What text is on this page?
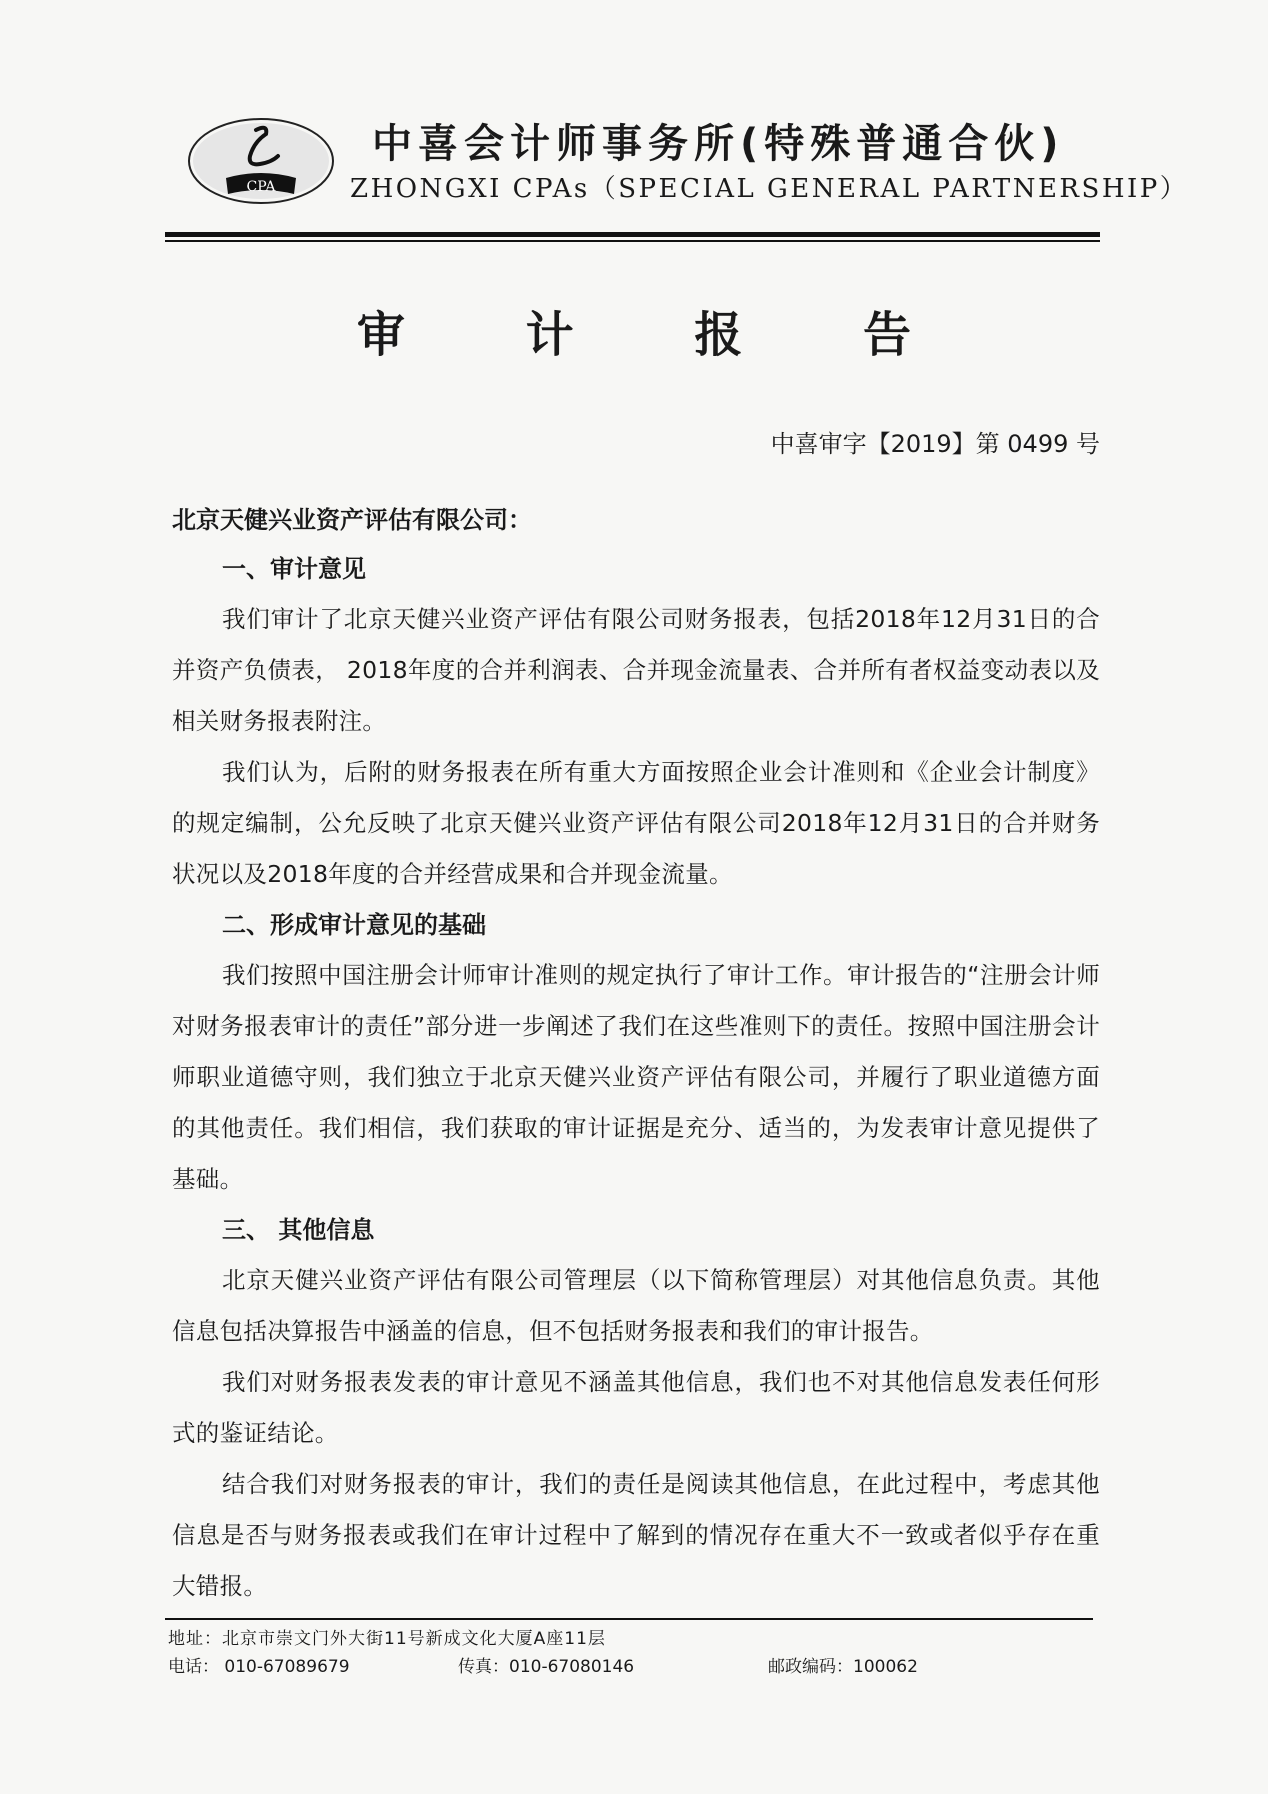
CPA
中喜会计师事务所(特殊普通合伙)
ZHONGXI CPAs（SPECIAL GENERAL PARTNERSHIP）
审 计 报 告
中喜审字【2019】第 0499 号

北京天健兴业资产评估有限公司：

一、审计意见

我们审计了北京天健兴业资产评估有限公司财务报表，包括2018年12月31日的合并资产负债表， 2018年度的合并利润表、合并现金流量表、合并所有者权益变动表以及相关财务报表附注。

我们认为，后附的财务报表在所有重大方面按照企业会计准则和《企业会计制度》的规定编制，公允反映了北京天健兴业资产评估有限公司2018年12月31日的合并财务状况以及2018年度的合并经营成果和合并现金流量。

二、形成审计意见的基础

我们按照中国注册会计师审计准则的规定执行了审计工作。审计报告的“注册会计师对财务报表审计的责任”部分进一步阐述了我们在这些准则下的责任。按照中国注册会计师职业道德守则，我们独立于北京天健兴业资产评估有限公司，并履行了职业道德方面的其他责任。我们相信，我们获取的审计证据是充分、适当的，为发表审计意见提供了基础。

三、 其他信息

北京天健兴业资产评估有限公司管理层（以下简称管理层）对其他信息负责。其他信息包括决算报告中涵盖的信息，但不包括财务报表和我们的审计报告。

我们对财务报表发表的审计意见不涵盖其他信息，我们也不对其他信息发表任何形式的鉴证结论。

结合我们对财务报表的审计，我们的责任是阅读其他信息，在此过程中，考虑其他信息是否与财务报表或我们在审计过程中了解到的情况存在重大不一致或者似乎存在重大错报。

地址：北京市崇文门外大街11号新成文化大厦A座11层
电话： 010-67089679	传真：010-67080146	邮政编码：100062
